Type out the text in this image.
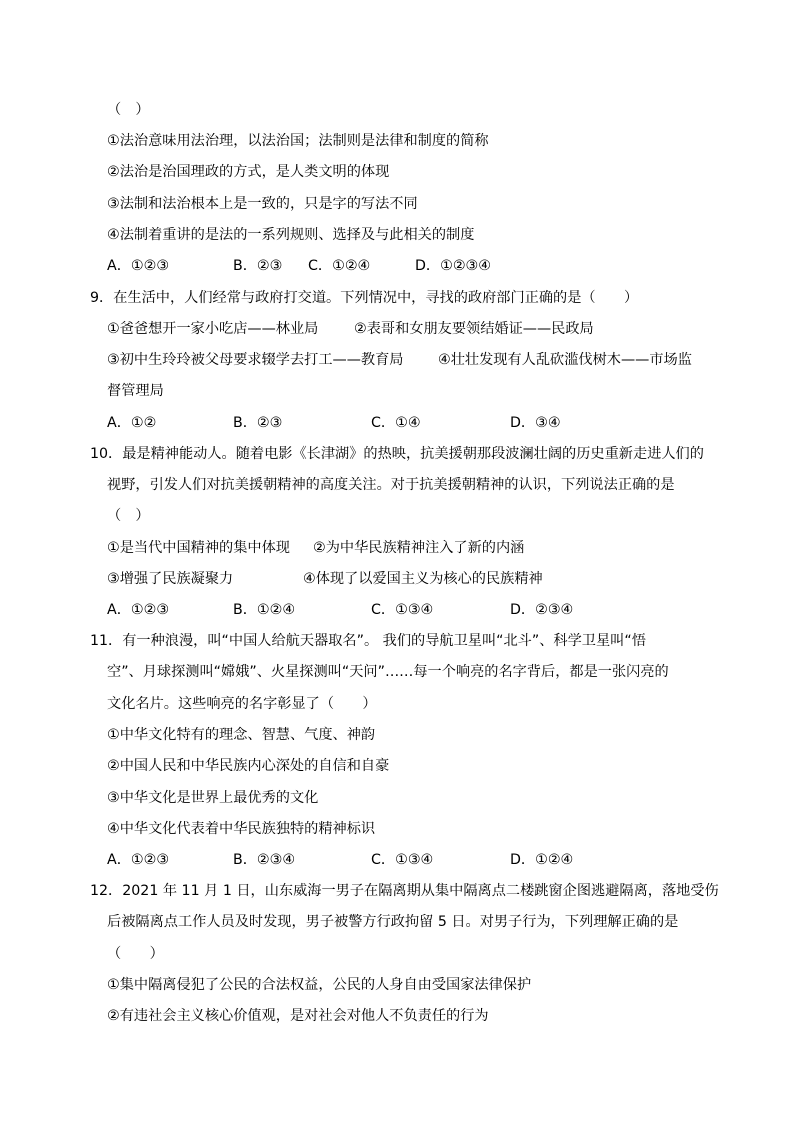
（　）
①法治意味用法治理，以法治国；法制则是法律和制度的简称
②法治是治国理政的方式，是人类文明的体现
③法制和法治根本上是一致的，只是字的写法不同
④法制着重讲的是法的一系列规则、选择及与此相关的制度
A．①②③	B．②③ C．①②④	D．①②③④
9．在生活中，人们经常与政府打交道。下列情况中，寻找的政府部门正确的是（　　）
①爸爸想开一家小吃店——林业局	②表哥和女朋友要领结婚证——民政局
③初中生玲玲被父母要求辍学去打工——教育局 ④壮壮发现有人乱砍滥伐树木——市场监
督管理局
A．①②	B．②③	C．①④	D．③④
10．最是精神能动人。随着电影《长津湖》的热映，抗美援朝那段波澜壮阔的历史重新走进人们的
视野，引发人们对抗美援朝精神的高度关注。对于抗美援朝精神的认识，下列说法正确的是
（　）
①是当代中国精神的集中体现 ②为中华民族精神注入了新的内涵
③增强了民族凝聚力	④体现了以爱国主义为核心的民族精神
A．①②③	B．①②④	C．①③④	D．②③④
11．有一种浪漫，叫“中国人给航天器取名”。 我们的导航卫星叫“北斗”、科学卫星叫“悟
空”、月球探测叫“嫦娥”、火星探测叫“天问”……每一个响亮的名字背后，都是一张闪亮的
文化名片。这些响亮的名字彰显了（　　）
①中华文化特有的理念、智慧、气度、神韵
②中国人民和中华民族内心深处的自信和自豪
③中华文化是世界上最优秀的文化
④中华文化代表着中华民族独特的精神标识
A．①②③	B．②③④	C．①③④	D．①②④
12．2021 年 11 月 1 日，山东威海一男子在隔离期从集中隔离点二楼跳窗企图逃避隔离，落地受伤
后被隔离点工作人员及时发现，男子被警方行政拘留 5 日。对男子行为，下列理解正确的是
（　　）
①集中隔离侵犯了公民的合法权益，公民的人身自由受国家法律保护
②有违社会主义核心价值观，是对社会对他人不负责任的行为
